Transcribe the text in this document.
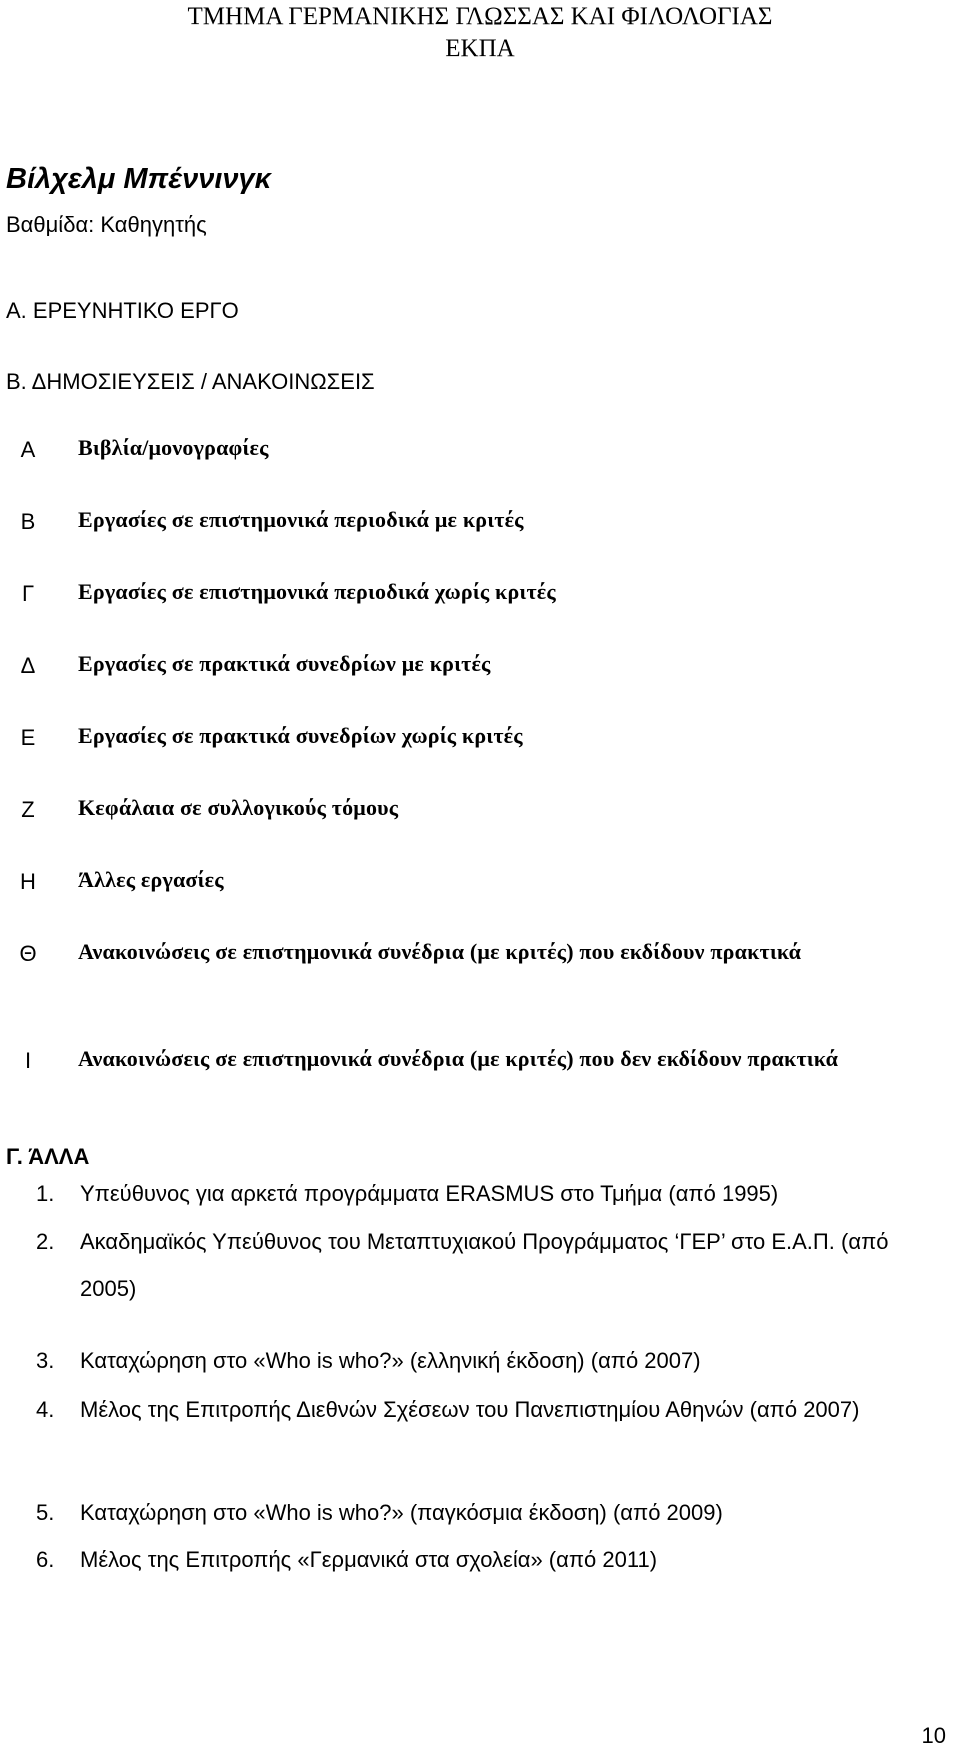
ΤΜΗΜΑ ΓΕΡΜΑΝΙΚΗΣ ΓΛΩΣΣΑΣ ΚΑΙ ΦΙΛΟΛΟΓΙΑΣ
ΕΚΠΑ
Βίλχελμ Μπέννινγκ
Βαθμίδα: Καθηγητής
Α. ΕΡΕΥΝΗΤΙΚΟ ΕΡΓΟ
Β. ΔΗΜΟΣΙΕΥΣΕΙΣ / ΑΝΑΚΟΙΝΩΣΕΙΣ
Α Βιβλία/μονογραφίες
Β Εργασίες σε επιστημονικά περιοδικά με κριτές
Γ Εργασίες σε επιστημονικά περιοδικά χωρίς κριτές
Δ Εργασίες σε πρακτικά συνεδρίων με κριτές
Ε Εργασίες σε πρακτικά συνεδρίων χωρίς κριτές
Ζ Κεφάλαια σε συλλογικούς τόμους
Η Άλλες εργασίες
Θ Ανακοινώσεις σε επιστημονικά συνέδρια (με κριτές) που εκδίδουν πρακτικά
Ι	Ανακοινώσεις σε επιστημονικά συνέδρια (με κριτές) που δεν εκδίδουν πρακτικά
Γ. ΆΛΛΑ
1. Υπεύθυνος για αρκετά προγράμματα ERASMUS στο Τμήμα (από 1995)
2. Ακαδημαϊκός Υπεύθυνος του Μεταπτυχιακού Προγράμματος ‘ΓΕΡ’ στο Ε.Α.Π. (από 2005)
3. Καταχώρηση στο «Who is who?» (ελληνική έκδοση) (από 2007)
4. Μέλος της Επιτροπής Διεθνών Σχέσεων του Πανεπιστημίου Αθηνών (από 2007)
5. Καταχώρηση στο «Who is who?» (παγκόσμια έκδοση) (από 2009)
6. Μέλος της Επιτροπής «Γερμανικά στα σχολεία» (από 2011)
10
